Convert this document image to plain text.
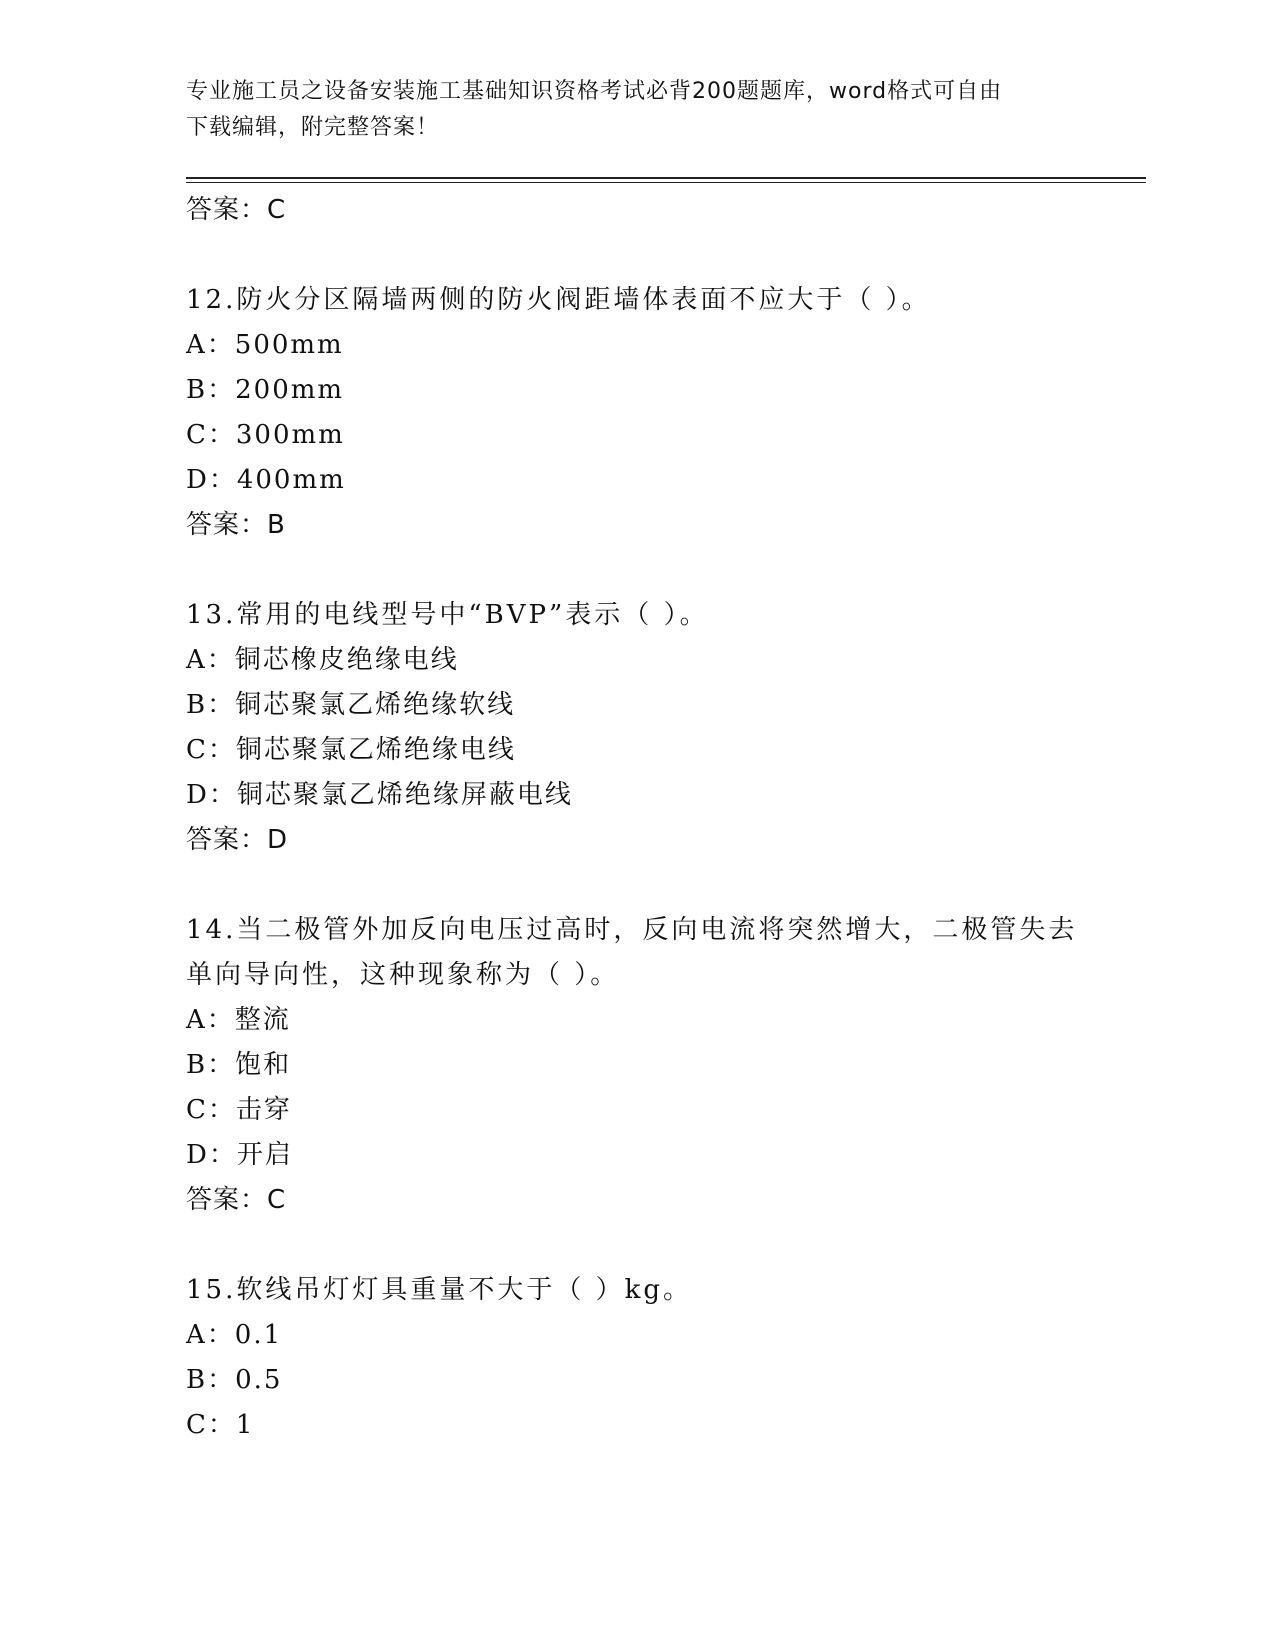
专业施工员之设备安装施工基础知识资格考试必背200题题库，word格式可自由
下载编辑，附完整答案！
答案：C
12.防火分区隔墙两侧的防火阀距墙体表面不应大于（ ）。
A：500mm
B：200mm
C：300mm
D：400mm
答案：B
13.常用的电线型号中“BVP”表示（ ）。
A：铜芯橡皮绝缘电线
B：铜芯聚氯乙烯绝缘软线
C：铜芯聚氯乙烯绝缘电线
D：铜芯聚氯乙烯绝缘屏蔽电线
答案：D
14.当二极管外加反向电压过高时，反向电流将突然增大，二极管失去
单向导向性，这种现象称为（ ）。
A：整流
B：饱和
C：击穿
D：开启
答案：C
15.软线吊灯灯具重量不大于（ ）kg。
A：0.1
B：0.5
C：1
